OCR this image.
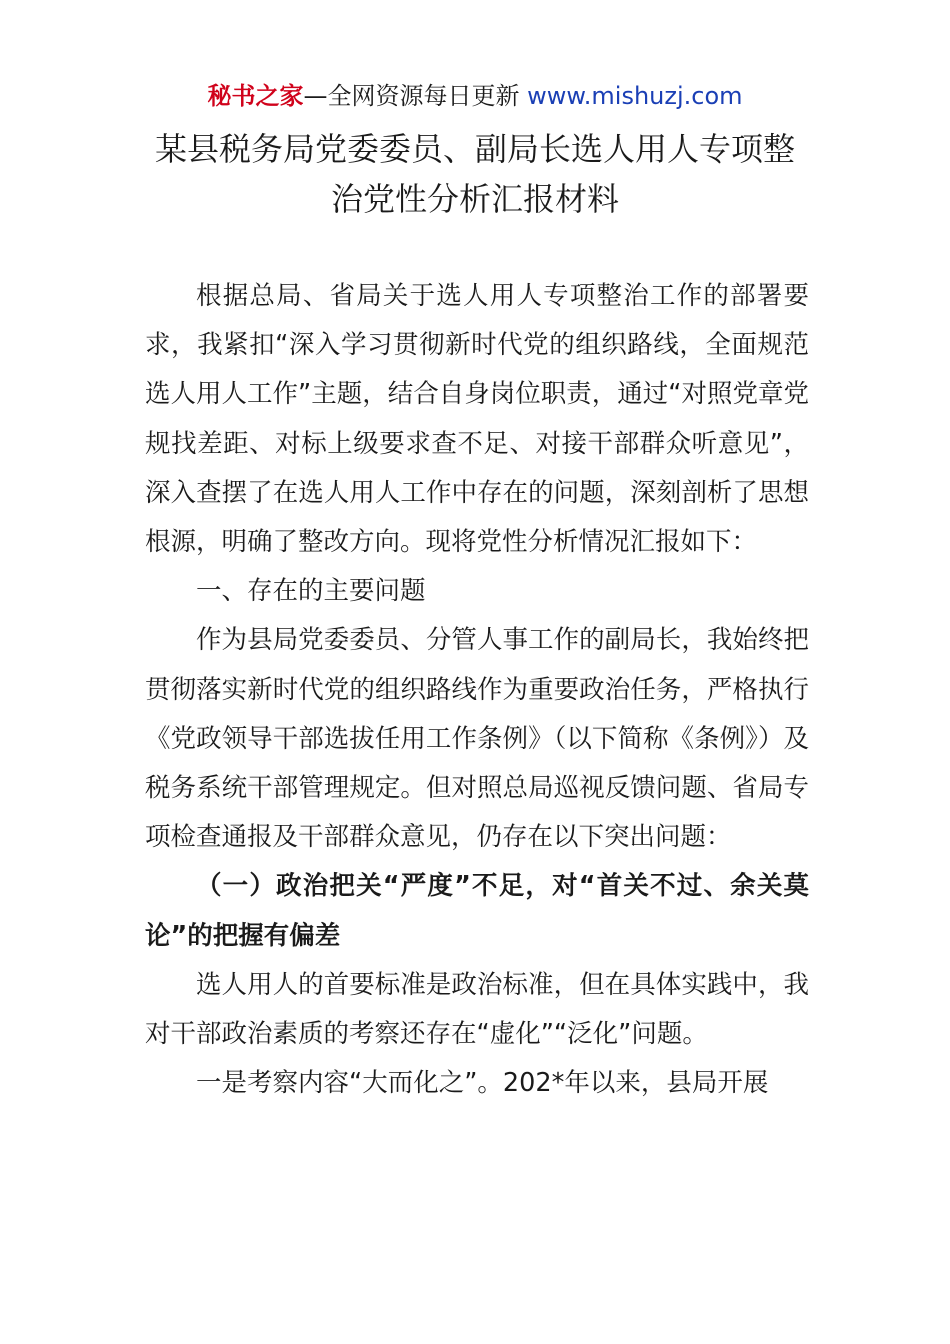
秘书之家—全网资源每日更新 www.mishuzj.com
某县税务局党委委员、副局长选人用人专项整
治党性分析汇报材料

根据总局、省局关于选人用人专项整治工作的部署要求，我紧扣“深入学习贯彻新时代党的组织路线，全面规范选人用人工作”主题，结合自身岗位职责，通过“对照党章党规找差距、对标上级要求查不足、对接干部群众听意见”，深入查摆了在选人用人工作中存在的问题，深刻剖析了思想根源，明确了整改方向。现将党性分析情况汇报如下：

一、存在的主要问题

作为县局党委委员、分管人事工作的副局长，我始终把贯彻落实新时代党的组织路线作为重要政治任务，严格执行《党政领导干部选拔任用工作条例》（以下简称《条例》）及税务系统干部管理规定。但对照总局巡视反馈问题、省局专项检查通报及干部群众意见，仍存在以下突出问题：

（一）政治把关“严度”不足，对“首关不过、余关莫论”的把握有偏差

选人用人的首要标准是政治标准，但在具体实践中，我对干部政治素质的考察还存在“虚化”“泛化”问题。

一是考察内容“大而化之”。202*年以来，县局开展
